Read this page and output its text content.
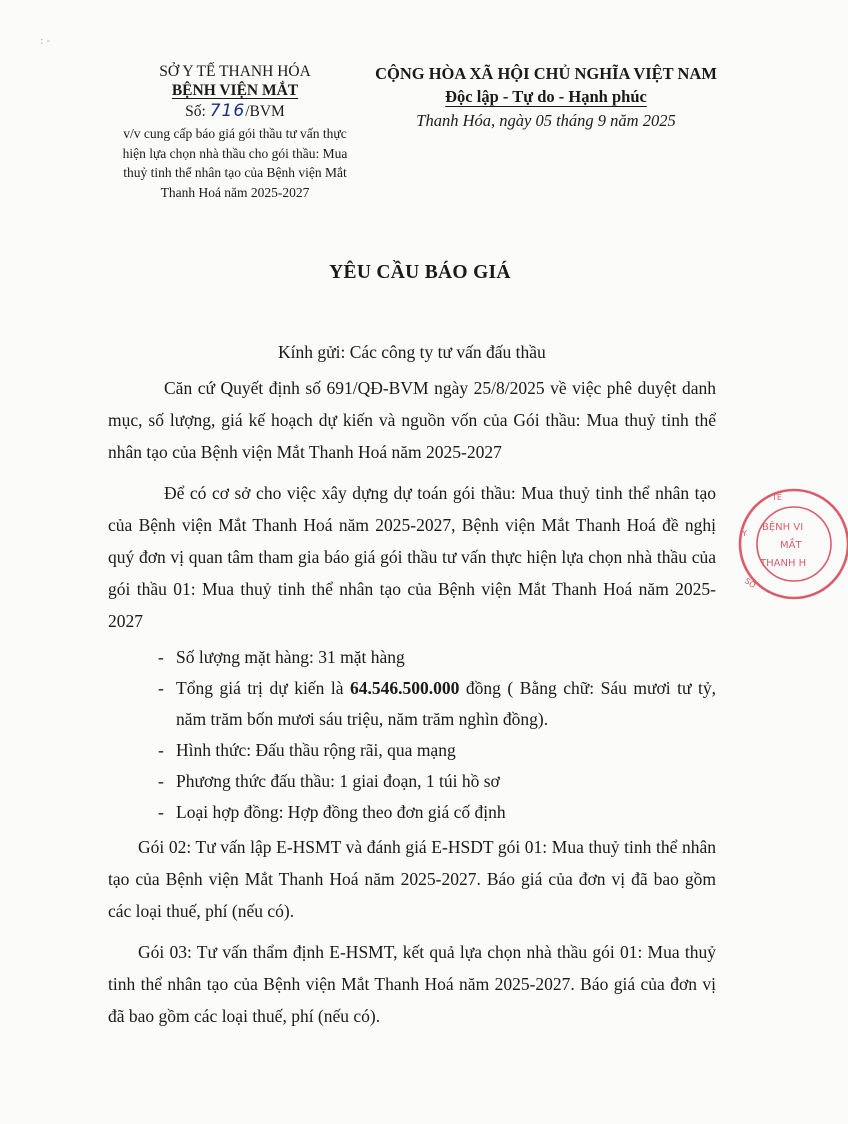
: -
SỞ Y TẾ THANH HÓA
BỆNH VIỆN MẮT
Số: 716/BVM
v/v cung cấp báo giá gói thầu tư vấn thực hiện lựa chọn nhà thầu cho gói thầu: Mua thuỷ tinh thể nhân tạo của Bệnh viện Mắt Thanh Hoá năm 2025-2027
CỘNG HÒA XÃ HỘI CHỦ NGHĨA VIỆT NAM
Độc lập - Tự do - Hạnh phúc
Thanh Hóa, ngày 05 tháng 9 năm 2025
YÊU CẦU BÁO GIÁ

Kính gửi: Các công ty tư vấn đấu thầu

Căn cứ Quyết định số 691/QĐ-BVM ngày 25/8/2025 về việc phê duyệt danh mục, số lượng, giá kế hoạch dự kiến và nguồn vốn của Gói thầu: Mua thuỷ tinh thể nhân tạo của Bệnh viện Mắt Thanh Hoá năm 2025-2027

Để có cơ sở cho việc xây dựng dự toán gói thầu: Mua thuỷ tinh thể nhân tạo của Bệnh viện Mắt Thanh Hoá năm 2025-2027, Bệnh viện Mắt Thanh Hoá đề nghị quý đơn vị quan tâm tham gia báo giá gói thầu tư vấn thực hiện lựa chọn nhà thầu của gói thầu 01: Mua thuỷ tinh thể nhân tạo của Bệnh viện Mắt Thanh Hoá năm 2025-2027

- Số lượng mặt hàng: 31 mặt hàng
- Tổng giá trị dự kiến là 64.546.500.000 đồng ( Bằng chữ: Sáu mươi tư tỷ, năm trăm bốn mươi sáu triệu, năm trăm nghìn đồng).
- Hình thức: Đấu thầu rộng rãi, qua mạng
- Phương thức đấu thầu: 1 giai đoạn, 1 túi hồ sơ
- Loại hợp đồng: Hợp đồng theo đơn giá cố định

Gói 02: Tư vấn lập E-HSMT và đánh giá E-HSDT gói 01: Mua thuỷ tinh thể nhân tạo của Bệnh viện Mắt Thanh Hoá năm 2025-2027. Báo giá của đơn vị đã bao gồm các loại thuế, phí (nếu có).

Gói 03: Tư vấn thẩm định E-HSMT, kết quả lựa chọn nhà thầu gói 01: Mua thuỷ tinh thể nhân tạo của Bệnh viện Mắt Thanh Hoá năm 2025-2027. Báo giá của đơn vị đã bao gồm các loại thuế, phí (nếu có).

TẾ
Y
SỞ
BỆNH VI
MẮT
THANH H
